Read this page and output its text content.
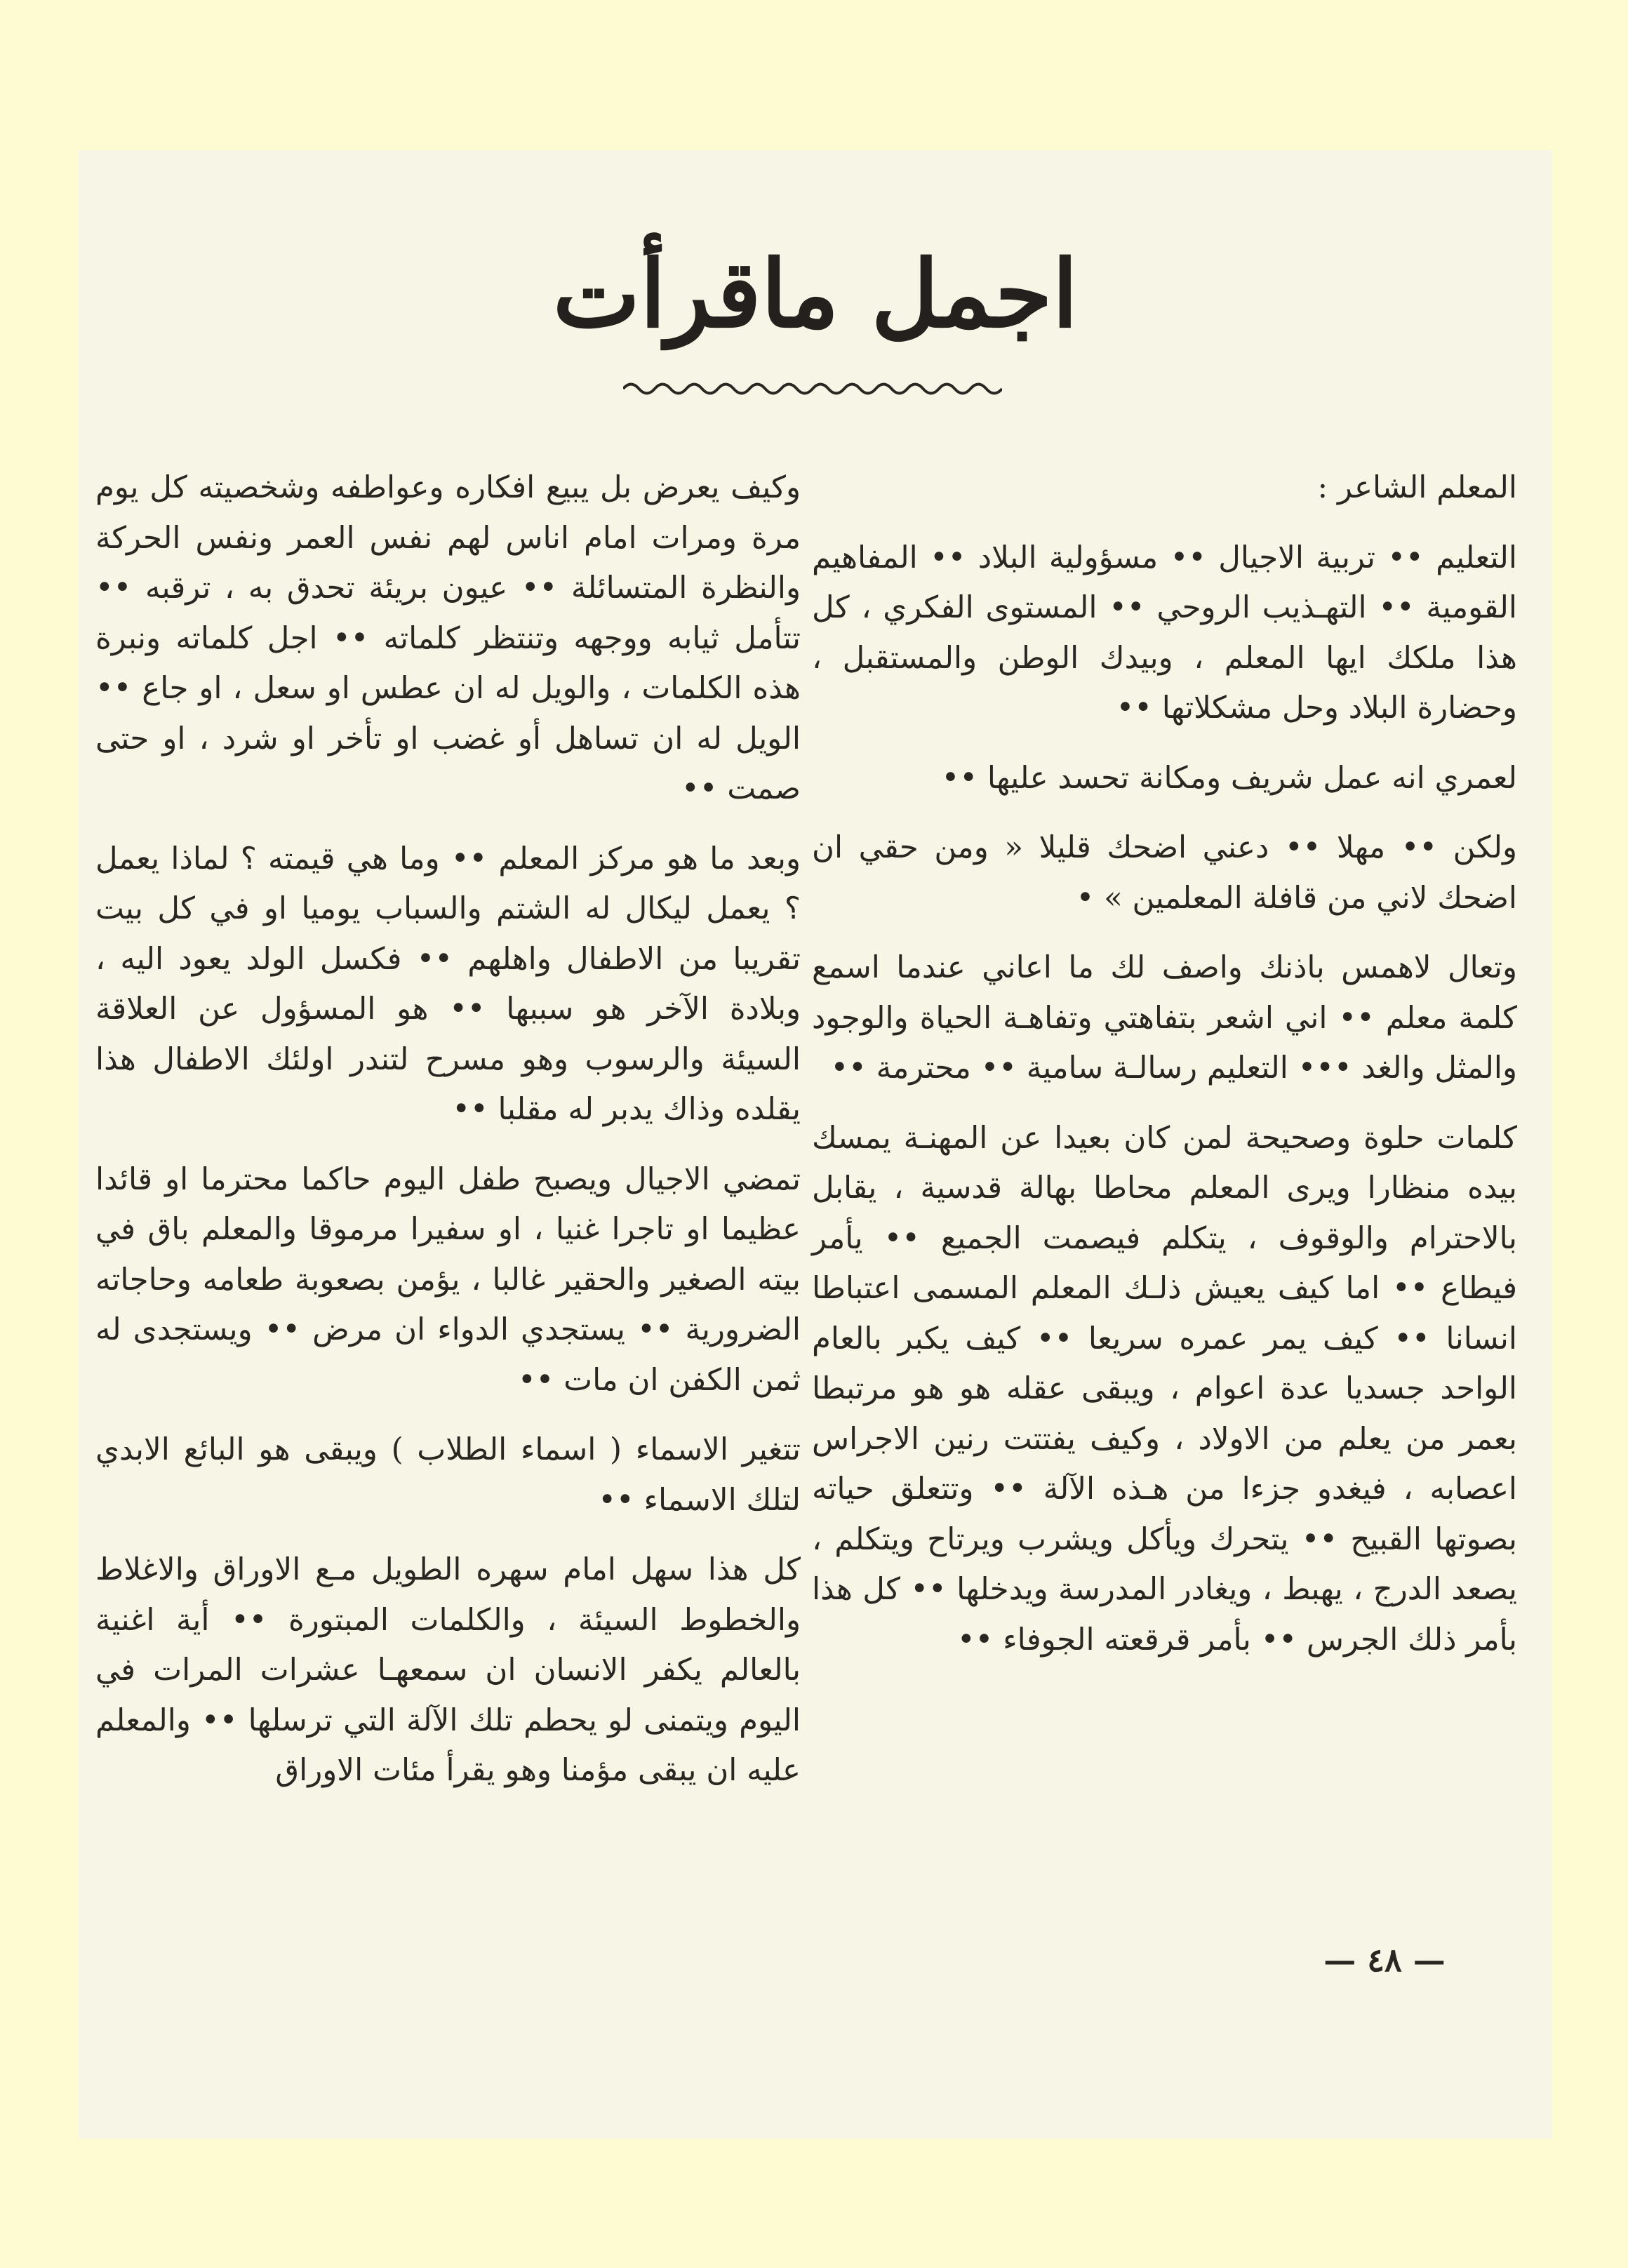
اجمل ماقرأت

المعلم الشاعر :

التعليم •• تربية الاجيال •• مسؤولية البلاد •• المفاهيم القومية •• التهـذيب الروحي •• المستوى الفكري ، كل هذا ملكك ايها المعلم ، وبيدك الوطن والمستقبل ، وحضارة البلاد وحل مشكلاتها ••

لعمري انه عمل شريف ومكانة تحسد عليها ••

ولكن •• مهلا •• دعني اضحك قليلا « ومن حقي ان اضحك لاني من قافلة المعلمين » •

وتعال لاهمس باذنك واصف لك ما اعاني عندما اسمع كلمة معلم •• اني اشعر بتفاهتي وتفاهـة الحياة والوجود والمثل والغد ••• التعليم رسالـة سامية •• محترمة ••

كلمات حلوة وصحيحة لمن كان بعيدا عن المهنـة يمسك بيده منظارا ويرى المعلم محاطا بهالة قدسية ، يقابل بالاحترام والوقوف ، يتكلم فيصمت الجميع •• يأمر فيطاع •• اما كيف يعيش ذلـك المعلم المسمى اعتباطا انسانا •• كيف يمر عمره سريعا •• كيف يكبر بالعام الواحد جسديا عدة اعوام ، ويبقى عقله هو هو مرتبطا بعمر من يعلم من الاولاد ، وكيف يفتتت رنين الاجراس اعصابه ، فيغدو جزءا من هـذه الآلة •• وتتعلق حياته بصوتها القبيح •• يتحرك ويأكل ويشرب ويرتاح ويتكلم ، يصعد الدرج ، يهبط ، ويغادر المدرسة ويدخلها •• كل هذا بأمر ذلك الجرس •• بأمر قرقعته الجوفاء ••

وكيف يعرض بل يبيع افكاره وعواطفه وشخصيته كل يوم مرة ومرات امام اناس لهم نفس العمر ونفس الحركة والنظرة المتسائلة •• عيون بريئة تحدق به ، ترقبه •• تتأمل ثيابه ووجهه وتنتظر كلماته •• اجل كلماته ونبرة هذه الكلمات ، والويل له ان عطس او سعل ، او جاع •• الويل له ان تساهل أو غضب او تأخر او شرد ، او حتى صمت ••

وبعد ما هو مركز المعلم •• وما هي قيمته ؟ لماذا يعمل ؟ يعمل ليكال له الشتم والسباب يوميا او في كل بيت تقريبا من الاطفال واهلهم •• فكسل الولد يعود اليه ، وبلادة الآخر هو سببها •• هو المسؤول عن العلاقة السيئة والرسوب وهو مسرح لتندر اولئك الاطفال هذا يقلده وذاك يدبر له مقلبا ••

تمضي الاجيال ويصبح طفل اليوم حاكما محترما او قائدا عظيما او تاجرا غنيا ، او سفيرا مرموقا والمعلم باق في بيته الصغير والحقير غالبا ، يؤمن بصعوبة طعامه وحاجاته الضرورية •• يستجدي الدواء ان مرض •• ويستجدى له ثمن الكفن ان مات ••

تتغير الاسماء ( اسماء الطلاب ) ويبقى هو البائع الابدي لتلك الاسماء ••

كل هذا سهل امام سهره الطويل مـع الاوراق والاغلاط والخطوط السيئة ، والكلمات المبتورة •• أية اغنية بالعالم يكفر الانسان ان سمعهـا عشرات المرات في اليوم ويتمنى لو يحطم تلك الآلة التي ترسلها •• والمعلم عليه ان يبقى مؤمنا وهو يقرأ مئات الاوراق

— ٤٨ —
